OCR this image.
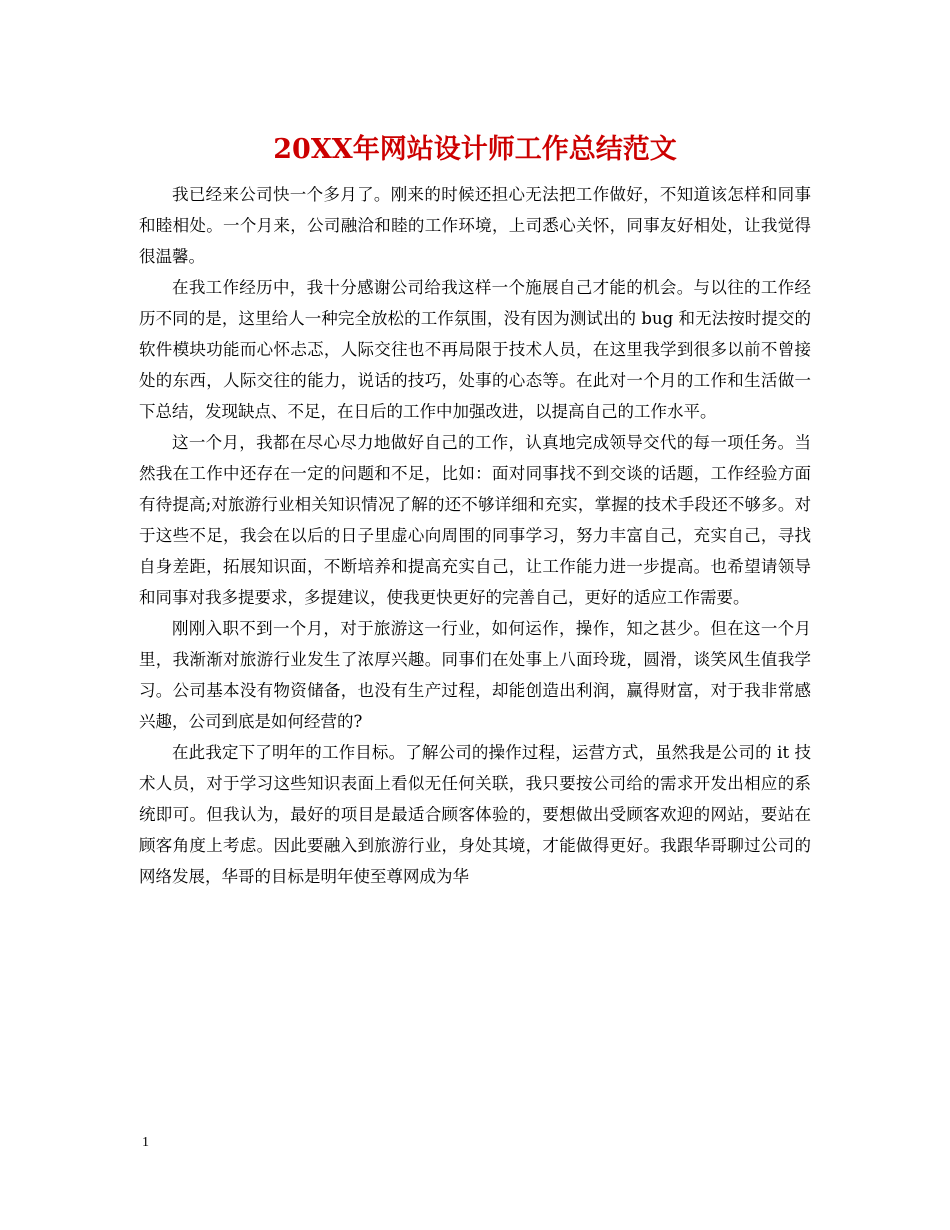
20XX年网站设计师工作总结范文

我已经来公司快一个多月了。刚来的时候还担心无法把工作做好，不知道该怎样和同事和睦相处。一个月来，公司融洽和睦的工作环境，上司悉心关怀，同事友好相处，让我觉得很温馨。

在我工作经历中，我十分感谢公司给我这样一个施展自己才能的机会。与以往的工作经历不同的是，这里给人一种完全放松的工作氛围，没有因为测试出的 bug 和无法按时提交的软件模块功能而心怀忐忑，人际交往也不再局限于技术人员，在这里我学到很多以前不曾接处的东西，人际交往的能力，说话的技巧，处事的心态等。在此对一个月的工作和生活做一下总结，发现缺点、不足，在日后的工作中加强改进，以提高自己的工作水平。

这一个月，我都在尽心尽力地做好自己的工作，认真地完成领导交代的每一项任务。当然我在工作中还存在一定的问题和不足，比如：面对同事找不到交谈的话题，工作经验方面有待提高;对旅游行业相关知识情况了解的还不够详细和充实，掌握的技术手段还不够多。对于这些不足，我会在以后的日子里虚心向周围的同事学习，努力丰富自己，充实自己，寻找自身差距，拓展知识面，不断培养和提高充实自己，让工作能力进一步提高。也希望请领导和同事对我多提要求，多提建议，使我更快更好的完善自己，更好的适应工作需要。

刚刚入职不到一个月，对于旅游这一行业，如何运作，操作，知之甚少。但在这一个月里，我渐渐对旅游行业发生了浓厚兴趣。同事们在处事上八面玲珑，圆滑，谈笑风生值我学习。公司基本没有物资储备，也没有生产过程，却能创造出利润，赢得财富，对于我非常感兴趣，公司到底是如何经营的?

在此我定下了明年的工作目标。了解公司的操作过程，运营方式，虽然我是公司的 it 技术人员，对于学习这些知识表面上看似无任何关联，我只要按公司给的需求开发出相应的系统即可。但我认为，最好的项目是最适合顾客体验的，要想做出受顾客欢迎的网站，要站在顾客角度上考虑。因此要融入到旅游行业，身处其境，才能做得更好。我跟华哥聊过公司的网络发展，华哥的目标是明年使至尊网成为华

1
